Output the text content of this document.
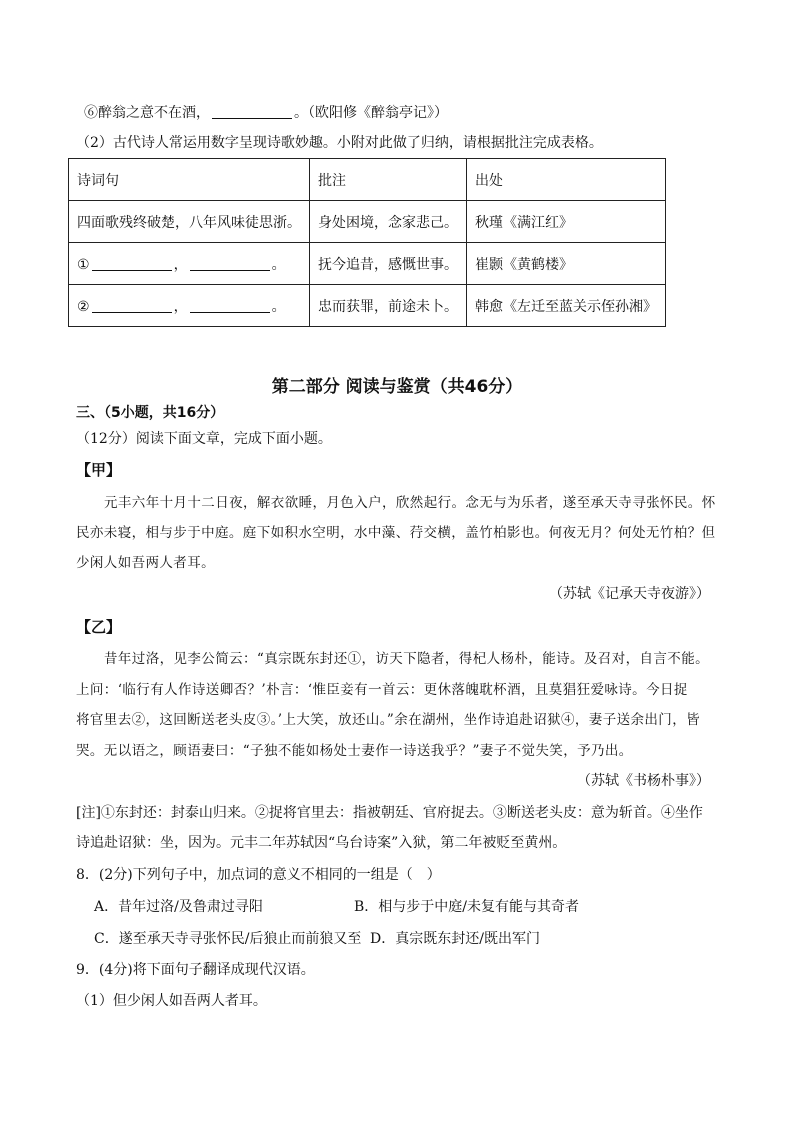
⑥醉翁之意不在酒，	。（欧阳修《醉翁亭记》）
（2）古代诗人常运用数字呈现诗歌妙趣。小附对此做了归纳，请根据批注完成表格。
诗词句	批注	出处
四面歌残终破楚，八年风味徒思浙。	身处困境，念家悲己。	秋瑾《满江红》
① ， 。	抚今追昔，感慨世事。	崔颢《黄鹤楼》
② ， 。	忠而获罪，前途未卜。	韩愈《左迁至蓝关示侄孙湘》
第二部分 阅读与鉴赏（共46分）
三、（5小题，共16分）
（12分）阅读下面文章，完成下面小题。
【甲】
元丰六年十月十二日夜，解衣欲睡，月色入户，欣然起行。念无与为乐者，遂至承天寺寻张怀民。怀
民亦未寝，相与步于中庭。庭下如积水空明，水中藻、荇交横，盖竹柏影也。何夜无月？何处无竹柏？但
少闲人如吾两人者耳。
（苏轼《记承天寺夜游》）
【乙】
昔年过洛，见李公简云：“真宗既东封还①，访天下隐者，得杞人杨朴，能诗。及召对，自言不能。
上问：‘临行有人作诗送卿否？’朴言：‘惟臣妾有一首云：更休落魄耽杯酒，且莫猖狂爱咏诗。今日捉
将官里去②，这回断送老头皮③。’上大笑，放还山。”余在湖州，坐作诗追赴诏狱④，妻子送余出门，皆
哭。无以语之，顾语妻曰：“子独不能如杨处士妻作一诗送我乎？”妻子不觉失笑，予乃出。
（苏轼《书杨朴事》）
[注]①东封还：封泰山归来。②捉将官里去：指被朝廷、官府捉去。③断送老头皮：意为斩首。④坐作
诗追赴诏狱：坐，因为。元丰二年苏轼因“乌台诗案”入狱，第二年被贬至黄州。
8．(2分)下列句子中，加点词的意义不相同的一组是（　）
A．昔年过洛/及鲁肃过寻阳	B．相与步于中庭/未复有能与其奇者
C．遂至承天寺寻张怀民/后狼止而前狼又至 D．真宗既东封还/既出军门
9．(4分)将下面句子翻译成现代汉语。
（1）但少闲人如吾两人者耳。
